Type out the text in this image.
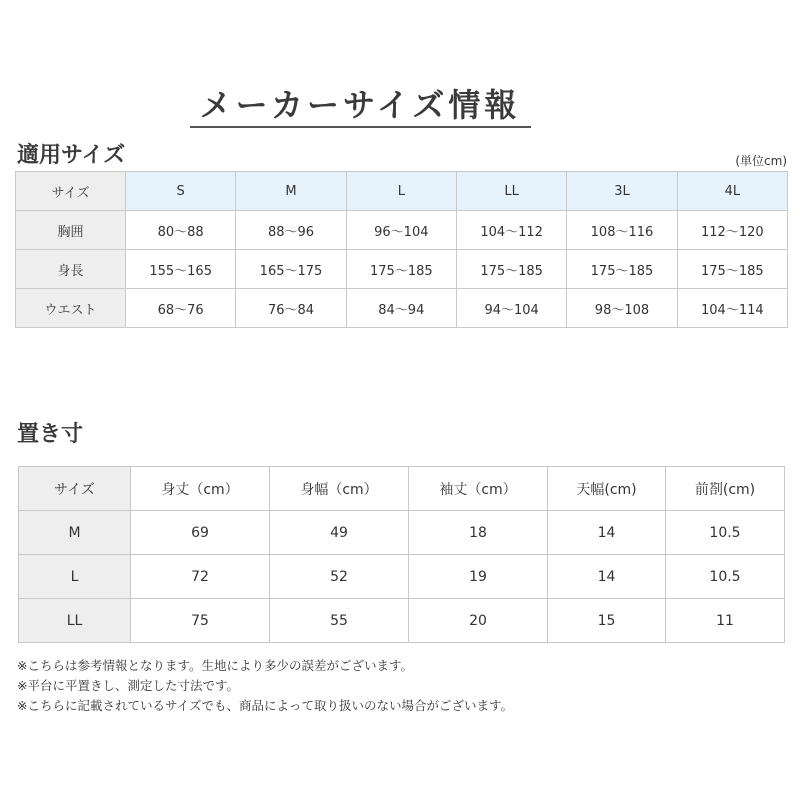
メーカーサイズ情報
適用サイズ	(単位cm)
サイズ	S	M	L	LL	3L	4L
胸囲	80〜88	88〜96	96〜104	104〜112	108〜116	112〜120
身長	155〜165	165〜175	175〜185	175〜185	175〜185	175〜185
ウエスト	68〜76	76〜84	84〜94	94〜104	98〜108	104〜114
置き寸
サイズ	身丈（cm）	身幅（cm）	袖丈（cm）	天幅(cm)	前剳(cm)
M	69	49	18	14	10.5
L	72	52	19	14	10.5
LL	75	55	20	15	11
※こちらは参考情報となります。生地により多少の誤差がございます。
※平台に平置きし、測定した寸法です。
※こちらに記載されているサイズでも、商品によって取り扱いのない場合がございます。
